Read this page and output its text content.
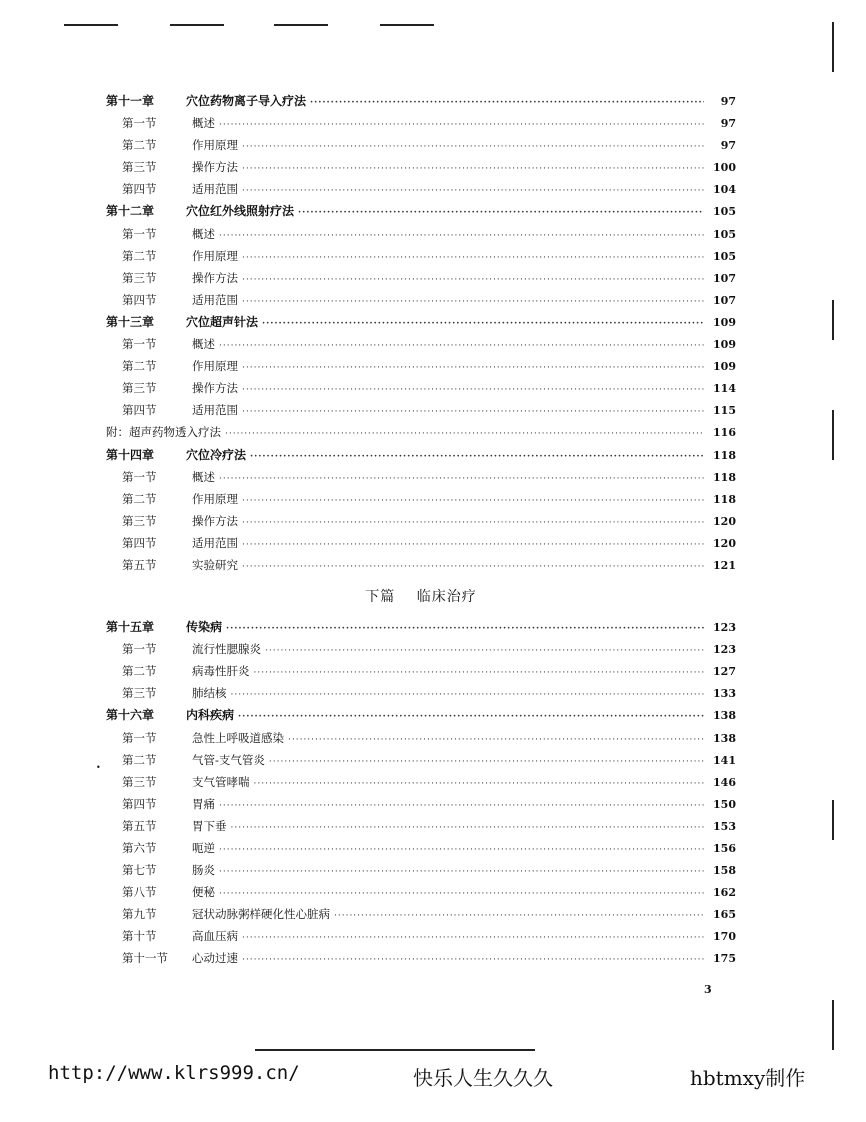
•
第十一章	穴位药物离子导入疗法 ·····	97
第一节	概述 ·····	97
第二节	作用原理 ·····	97
第三节	操作方法 ·····	100
第四节	适用范围 ·····	104
第十二章	穴位红外线照射疗法 ·····	105
第一节	概述 ·····	105
第二节	作用原理 ·····	105
第三节	操作方法 ·····	107
第四节	适用范围 ·····	107
第十三章	穴位超声针法 ·····	109
第一节	概述 ·····	109
第二节	作用原理 ·····	109
第三节	操作方法 ·····	114
第四节	适用范围 ·····	115
附： 超声药物透入疗法 ·····	116
第十四章	穴位冷疗法 ·····	118
第一节	概述 ·····	118
第二节	作用原理 ·····	118
第三节	操作方法 ·····	120
第四节	适用范围 ·····	120
第五节	实验研究 ·····	121
下篇 临床治疗
第十五章	传染病 ·····	123
第一节	流行性腮腺炎 ·····	123
第二节	病毒性肝炎 ·····	127
第三节	肺结核 ·····	133
第十六章	内科疾病 ·····	138
第一节	急性上呼吸道感染 ·····	138
第二节	气管-支气管炎 ·····	141
第三节	支气管哮喘 ·····	146
第四节	胃痛 ·····	150
第五节	胃下垂 ·····	153
第六节	呃逆 ·····	156
第七节	肠炎 ·····	158
第八节	便秘 ·····	162
第九节	冠状动脉粥样硬化性心脏病 ·····	165
第十节	高血压病 ·····	170
第十一节	心动过速 ·····	175
3
http://www.klrs999.cn/	快乐人生久久久	hbtmxy制作
